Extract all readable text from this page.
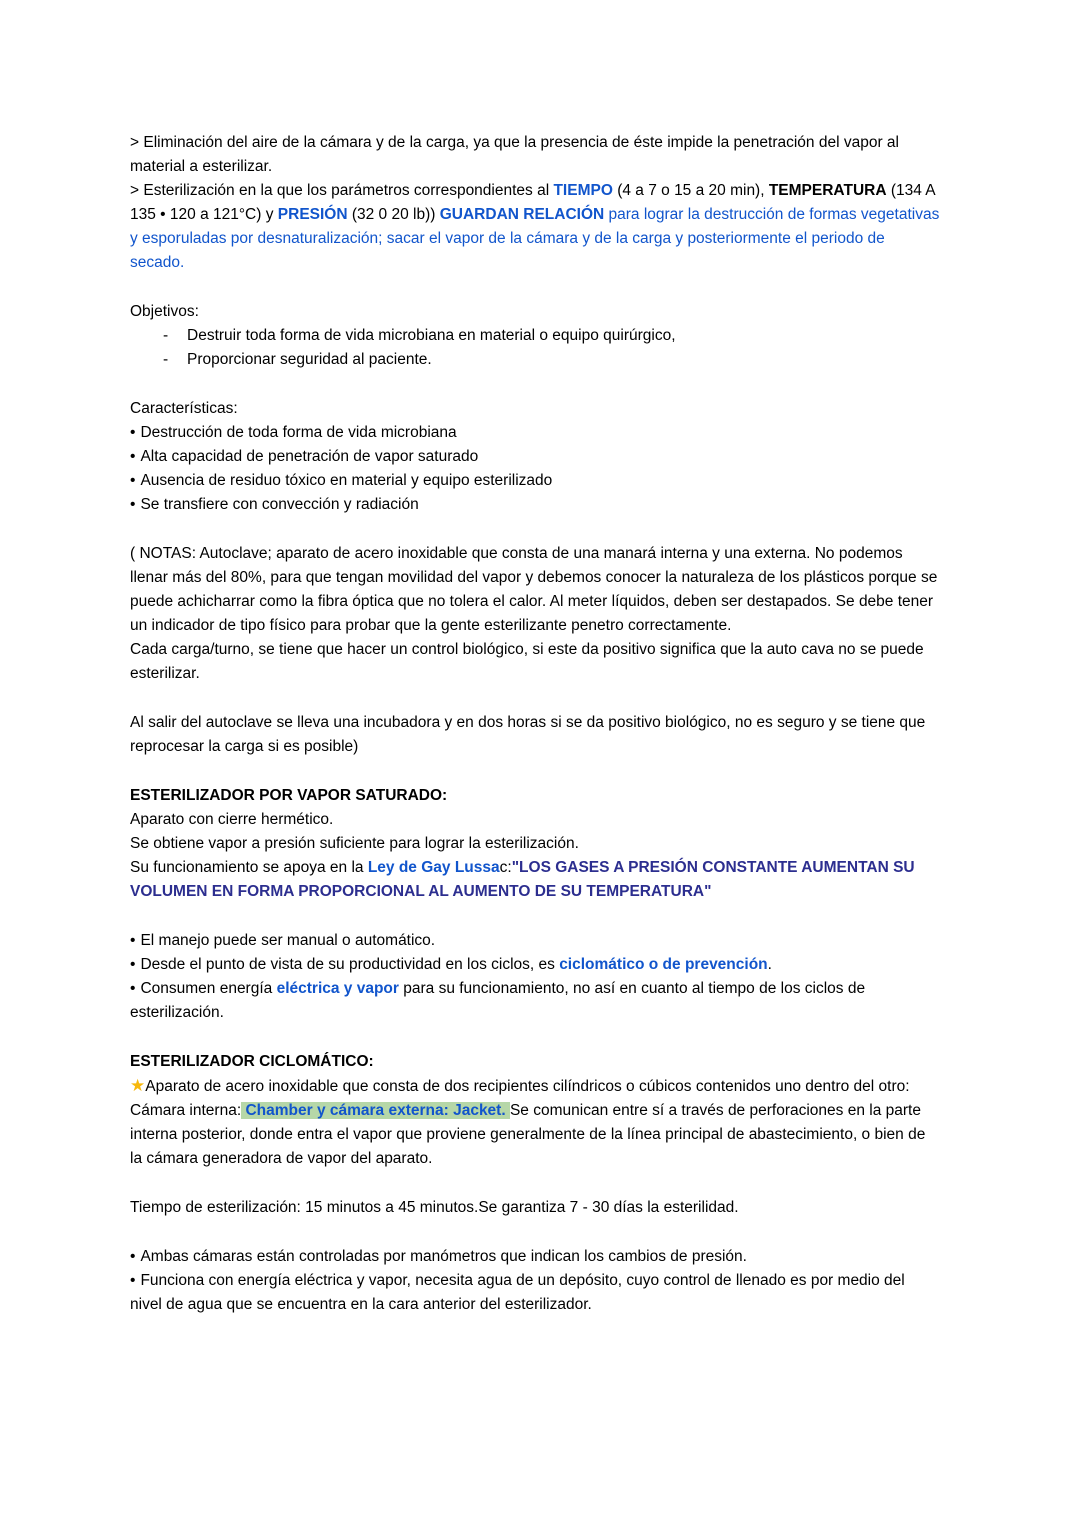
> Eliminación del aire de la cámara y de la carga, ya que la presencia de éste impide la penetración del vapor al material a esterilizar.

> Esterilización en la que los parámetros correspondientes al TIEMPO (4 a 7 o 15 a 20 min), TEMPERATURA (134 A 135 • 120 a 121°C) y PRESIÓN (32 0 20 lb)) GUARDAN RELACIÓN para lograr la destrucción de formas vegetativas y esporuladas por desnaturalización; sacar el vapor de la cámara y de la carga y posteriormente el periodo de secado.

Objetivos:

-	Destruir toda forma de vida microbiana en material o equipo quirúrgico,
-	Proporcionar seguridad al paciente.

Características:

• Destrucción de toda forma de vida microbiana

• Alta capacidad de penetración de vapor saturado

• Ausencia de residuo tóxico en material y equipo esterilizado

• Se transfiere con convección y radiación

( NOTAS: Autoclave; aparato de acero inoxidable que consta de una manará interna y una externa. No podemos llenar más del 80%, para que tengan movilidad del vapor y debemos conocer la naturaleza de los plásticos porque se puede achicharrar como la fibra óptica que no tolera el calor. Al meter líquidos, deben ser destapados. Se debe tener un indicador de tipo físico para probar que la gente esterilizante penetro correctamente.

Cada carga/turno, se tiene que hacer un control biológico, si este da positivo significa que la auto cava no se puede esterilizar.

Al salir del autoclave se lleva una incubadora y en dos horas si se da positivo biológico, no es seguro y se tiene que reprocesar la carga si es posible)

ESTERILIZADOR POR VAPOR SATURADO:

Aparato con cierre hermético.

Se obtiene vapor a presión suficiente para lograr la esterilización.

Su funcionamiento se apoya en la Ley de Gay Lussac:"LOS GASES A PRESIÓN CONSTANTE AUMENTAN SU VOLUMEN EN FORMA PROPORCIONAL AL AUMENTO DE SU TEMPERATURA"

• El manejo puede ser manual o automático.

• Desde el punto de vista de su productividad en los ciclos, es ciclomático o de prevención.

• Consumen energía eléctrica y vapor para su funcionamiento, no así en cuanto al tiempo de los ciclos de esterilización.

ESTERILIZADOR CICLOMÁTICO:

★Aparato de acero inoxidable que consta de dos recipientes cilíndricos o cúbicos contenidos uno dentro del otro: Cámara interna: Chamber y cámara externa: Jacket. Se comunican entre sí a través de perforaciones en la parte interna posterior, donde entra el vapor que proviene generalmente de la línea principal de abastecimiento, o bien de la cámara generadora de vapor del aparato.

Tiempo de esterilización: 15 minutos a 45 minutos.Se garantiza 7 - 30 días la esterilidad.

• Ambas cámaras están controladas por manómetros que indican los cambios de presión.

• Funciona con energía eléctrica y vapor, necesita agua de un depósito, cuyo control de llenado es por medio del nivel de agua que se encuentra en la cara anterior del esterilizador.
